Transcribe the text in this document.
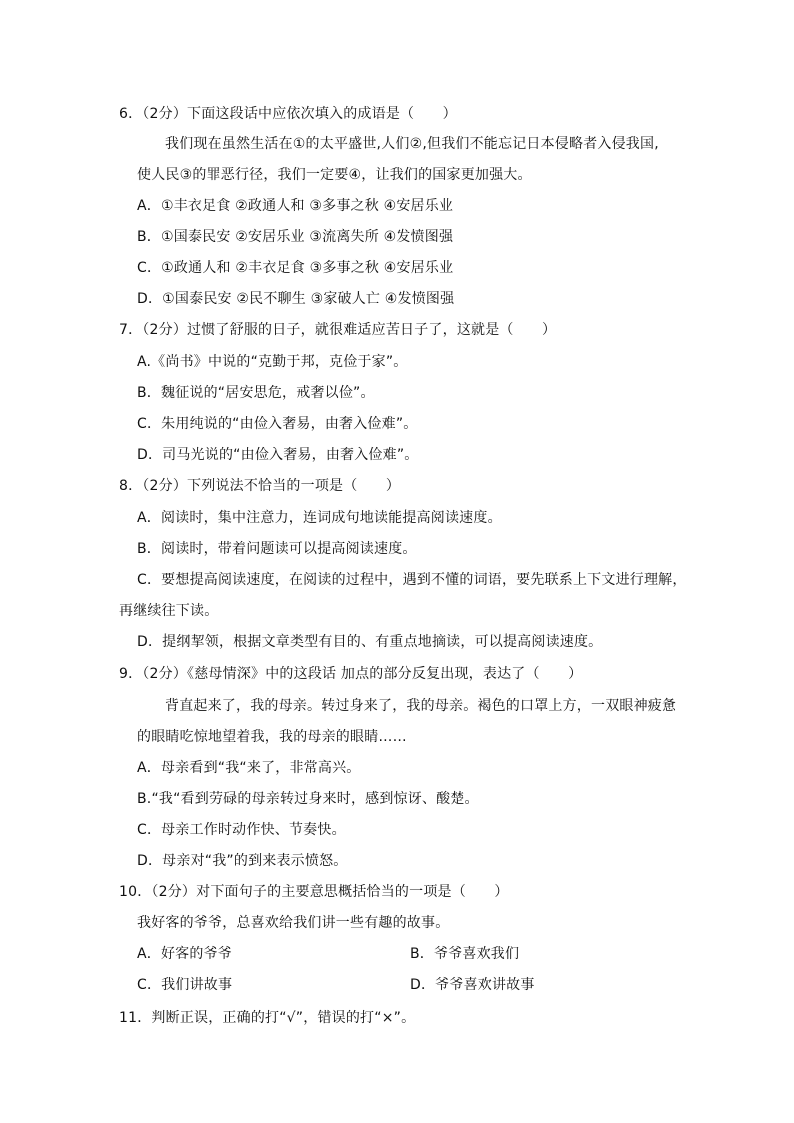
6．（2分）下面这段话中应依次填入的成语是（　　）
我们现在虽然生活在①的太平盛世,人们②,但我们不能忘记日本侵略者入侵我国,
使人民③的罪恶行径，我们一定要④，让我们的国家更加强大。
A．①丰衣足食 ②政通人和 ③多事之秋 ④安居乐业
B．①国泰民安 ②安居乐业 ③流离失所 ④发愤图强
C．①政通人和 ②丰衣足食 ③多事之秋 ④安居乐业
D．①国泰民安 ②民不聊生 ③家破人亡 ④发愤图强
7．（2分）过惯了舒服的日子，就很难适应苦日子了，这就是（　　）
A.《尚书》中说的“克勤于邦，克俭于家”。
B．魏征说的“居安思危，戒奢以俭”。
C．朱用纯说的“由俭入奢易，由奢入俭难”。
D．司马光说的“由俭入奢易，由奢入俭难”。
8．（2分）下列说法不恰当的一项是（　　）
A．阅读时，集中注意力，连词成句地读能提高阅读速度。
B．阅读时，带着问题读可以提高阅读速度。
C．要想提高阅读速度，在阅读的过程中，遇到不懂的词语，要先联系上下文进行理解，
再继续往下读。
D．提纲挈领，根据文章类型有目的、有重点地摘读，可以提高阅读速度。
9．（2分）《慈母情深》中的这段话 加点的部分反复出现，表达了（　　）
背直起来了，我的母亲。转过身来了，我的母亲。褐色的口罩上方，一双眼神疲惫
的眼睛吃惊地望着我，我的母亲的眼睛……
A．母亲看到“我“来了，非常高兴。
B.“我“看到劳碌的母亲转过身来时，感到惊讶、酸楚。
C．母亲工作时动作快、节奏快。
D．母亲对“我”的到来表示愤怒。
10．（2分）对下面句子的主要意思概括恰当的一项是（　　）
我好客的爷爷，总喜欢给我们讲一些有趣的故事。
A．好客的爷爷	B．爷爷喜欢我们
C．我们讲故事	D．爷爷喜欢讲故事
11．判断正误，正确的打“√”，错误的打“×”。
